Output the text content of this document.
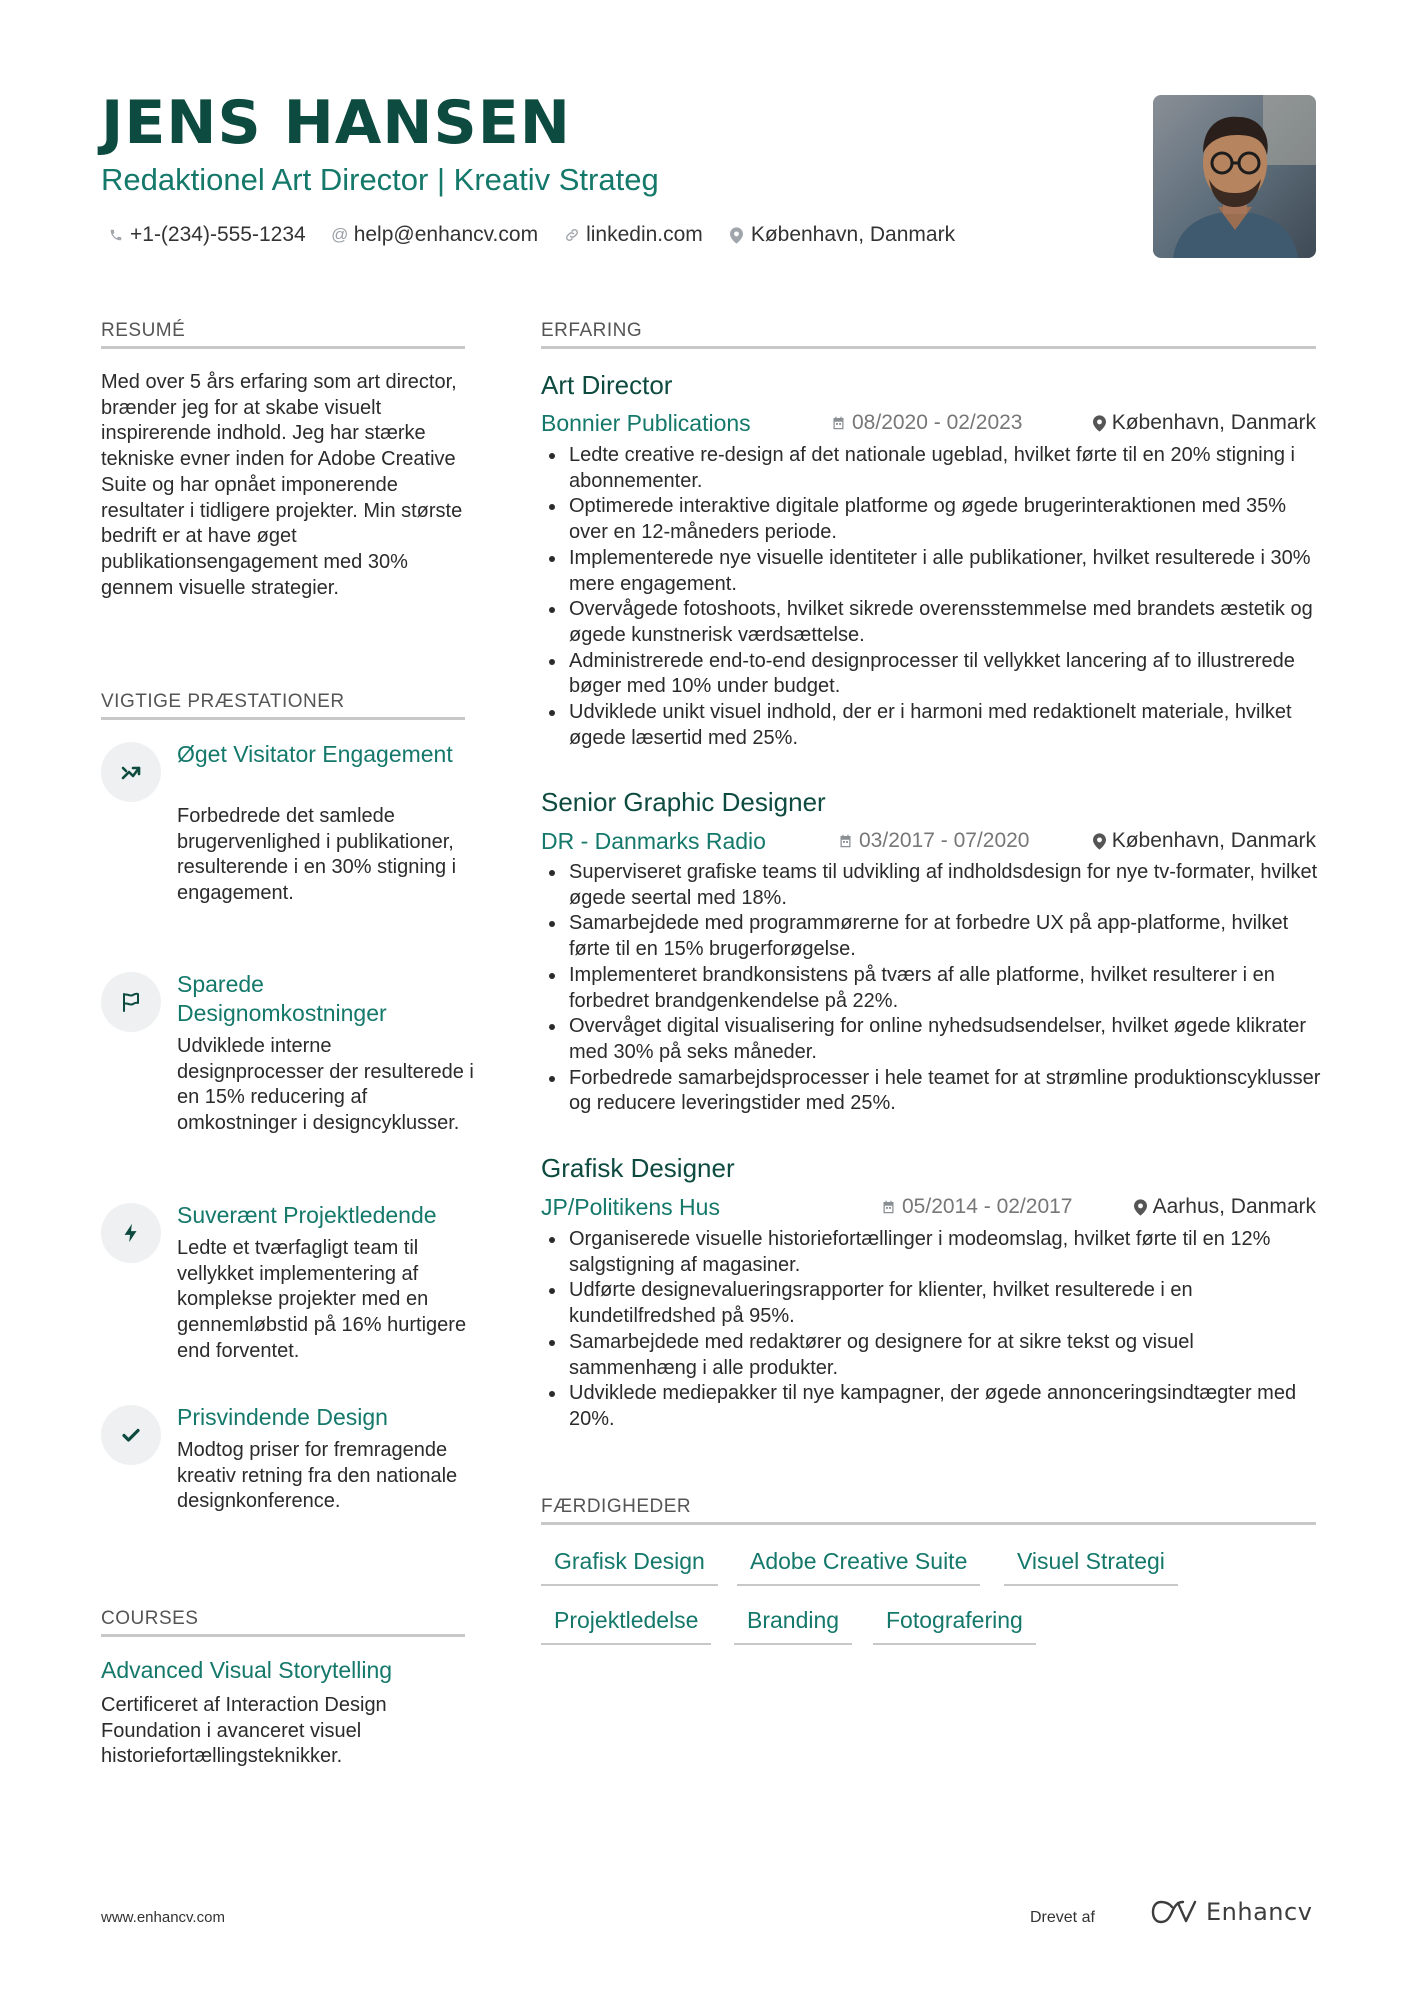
JENS HANSEN
Redaktionel Art Director | Kreativ Strateg
+1-(234)-555-1234 @ help@enhancv.com linkedin.com København, Danmark
RESUMÉ
Med over 5 års erfaring som art director, brænder jeg for at skabe visuelt inspirerende indhold. Jeg har stærke tekniske evner inden for Adobe Creative Suite og har opnået imponerende resultater i tidligere projekter. Min største bedrift er at have øget publikationsengagement med 30% gennem visuelle strategier.
VIGTIGE PRÆSTATIONER
Øget Visitator Engagement
Forbedrede det samlede brugervenlighed i publikationer, resulterende i en 30% stigning i engagement.
Sparede Designomkostninger
Udviklede interne designprocesser der resulterede i en 15% reducering af omkostninger i designcyklusser.
Suverænt Projektledende
Ledte et tværfagligt team til vellykket implementering af komplekse projekter med en gennemløbstid på 16% hurtigere end forventet.
Prisvindende Design
Modtog priser for fremragende kreativ retning fra den nationale designkonference.
COURSES
Advanced Visual Storytelling
Certificeret af Interaction Design Foundation i avanceret visuel historiefortællingsteknikker.
ERFARING
Art Director
Bonnier Publications	08/2020 - 02/2023	København, Danmark
Ledte creative re-design af det nationale ugeblad, hvilket førte til en 20% stigning i abonnementer.
Optimerede interaktive digitale platforme og øgede brugerinteraktionen med 35% over en 12-måneders periode.
Implementerede nye visuelle identiteter i alle publikationer, hvilket resulterede i 30% mere engagement.
Overvågede fotoshoots, hvilket sikrede overensstemmelse med brandets æstetik og øgede kunstnerisk værdsættelse.
Administrerede end-to-end designprocesser til vellykket lancering af to illustrerede bøger med 10% under budget.
Udviklede unikt visuel indhold, der er i harmoni med redaktionelt materiale, hvilket øgede læsertid med 25%.
Senior Graphic Designer
DR - Danmarks Radio	03/2017 - 07/2020	København, Danmark
Superviseret grafiske teams til udvikling af indholdsdesign for nye tv-formater, hvilket øgede seertal med 18%.
Samarbejdede med programmørerne for at forbedre UX på app-platforme, hvilket førte til en 15% brugerforøgelse.
Implementeret brandkonsistens på tværs af alle platforme, hvilket resulterer i en forbedret brandgenkendelse på 22%.
Overvåget digital visualisering for online nyhedsudsendelser, hvilket øgede klikrater med 30% på seks måneder.
Forbedrede samarbejdsprocesser i hele teamet for at strømline produktionscyklusser og reducere leveringstider med 25%.
Grafisk Designer
JP/Politikens Hus	05/2014 - 02/2017	Aarhus, Danmark
Organiserede visuelle historiefortællinger i modeomslag, hvilket førte til en 12% salgstigning af magasiner.
Udførte designevalueringsrapporter for klienter, hvilket resulterede i en kundetilfredshed på 95%.
Samarbejdede med redaktører og designere for at sikre tekst og visuel sammenhæng i alle produkter.
Udviklede mediepakker til nye kampagner, der øgede annonceringsindtægter med 20%.
FÆRDIGHEDER
Grafisk Design	Adobe Creative Suite	Visuel Strategi
Projektledelse	Branding	Fotografering
www.enhancv.com	Drevet af	Enhancv
